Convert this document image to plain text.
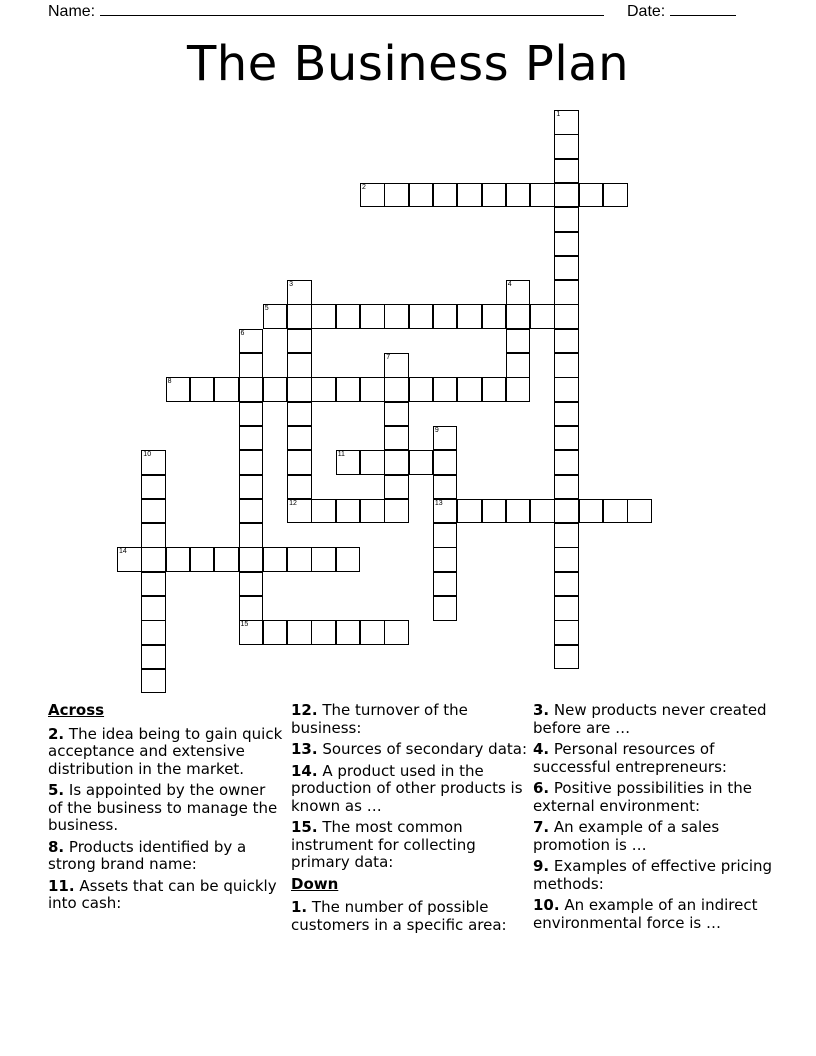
Name:	Date:
The Business Plan
1
2
3
12
4
5
6
15
7
8
9
13
10	11
14
Across
2. The idea being to gain quick acceptance and extensive distribution in the market.
5. Is appointed by the owner of the business to manage the business.
8. Products identified by a strong brand name:
11. Assets that can be quickly into cash:
12. The turnover of the business:
13. Sources of secondary data:
14. A product used in the production of other products is known as …
15. The most common instrument for collecting primary data:
Down
1. The number of possible customers in a specific area:
3. New products never created before are …
4. Personal resources of successful entrepreneurs:
6. Positive possibilities in the external environment:
7. An example of a sales promotion is …
9. Examples of effective pricing methods:
10. An example of an indirect environmental force is …
